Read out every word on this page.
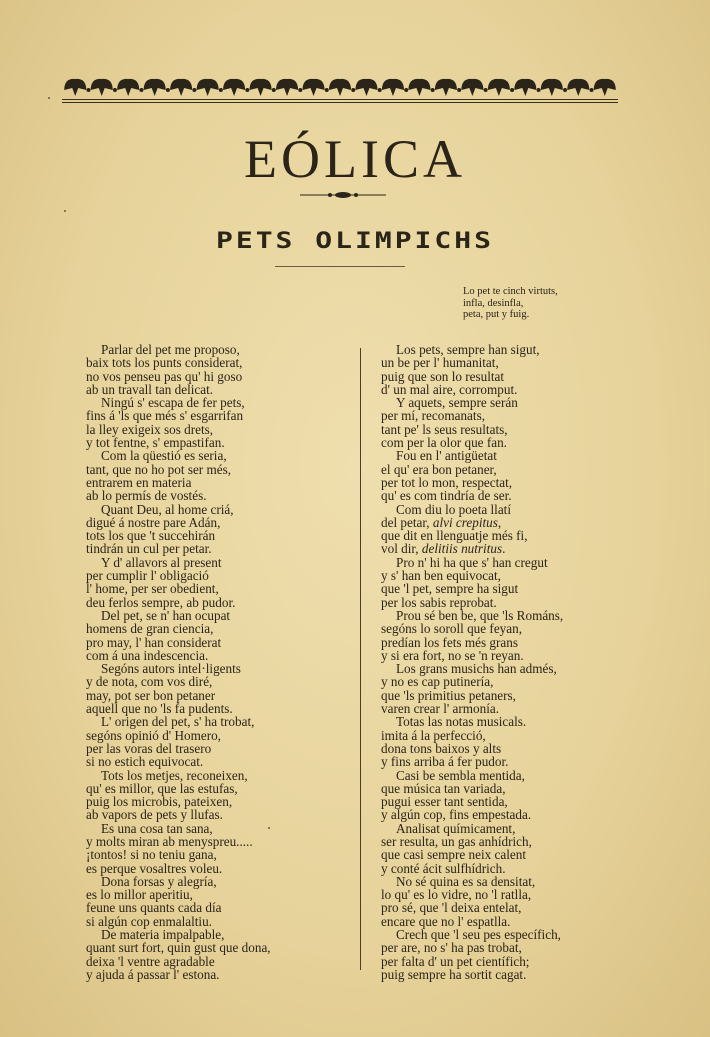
EÓLICA
PETS OLIMPICHS
Lo pet te cinch virtuts,
infla, desinfla,
peta, put y fuig.
Parlar del pet me proposo,
baix tots los punts considerat,
no vos penseu pas qu' hi goso
ab un travall tan delicat.
Ningú s' escapa de fer pets,
fins á 'ls que més s' esgarrifan
la lley exigeix sos drets,
y tot fentne, s' empastifan.
Com la qüestió es seria,
tant, que no ho pot ser més,
entrarem en materia
ab lo permís de vostés.
Quant Deu, al home criá,
digué á nostre pare Adán,
tots los que 't succehirán
tindrán un cul per petar.
Y d' allavors al present
per cumplir l' obligació
l' home, per ser obedient,
deu ferlos sempre, ab pudor.
Del pet, se n' han ocupat
homens de gran ciencia,
pro may, l' han considerat
com á una indescencia.
Segóns autors intel·ligents
y de nota, com vos diré,
may, pot ser bon petaner
aquell que no 'ls fa pudents.
L' origen del pet, s' ha trobat,
segóns opinió d' Homero,
per las voras del trasero
si no estich equivocat.
Tots los metjes, reconeixen,
qu' es millor, que las estufas,
puig los microbis, pateixen,
ab vapors de pets y llufas.
Es una cosa tan sana,
y molts miran ab menyspreu.....
¡tontos! si no teniu gana,
es perque vosaltres voleu.
Dona forsas y alegría,
es lo millor aperitiu,
feune uns quants cada día
si algún cop enmalaltiu.
De materia impalpable,
quant surt fort, quin gust que dona,
deixa 'l ventre agradable
y ajuda á passar l' estona.
Los pets, sempre han sigut,
un be per l' humanitat,
puig que son lo resultat
d' un mal aire, corromput.
Y aquets, sempre serán
per mí, recomanats,
tant pe' ls seus resultats,
com per la olor que fan.
Fou en l' antigüetat
el qu' era bon petaner,
per tot lo mon, respectat,
qu' es com tindría de ser.
Com diu lo poeta llatí
del petar, alvi crepitus,
que dit en llenguatje més fi,
vol dir, delitiis nutritus.
Pro n' hi ha que s' han cregut
y s' han ben equivocat,
que 'l pet, sempre ha sigut
per los sabis reprobat.
Prou sé ben be, que 'ls Románs,
segóns lo soroll que feyan,
predían los fets més grans
y si era fort, no se 'n reyan.
Los grans musichs han admés,
y no es cap putinería,
que 'ls primitius petaners,
varen crear l' armonía.
Totas las notas musicals.
imita á la perfecció,
dona tons baixos y alts
y fins arriba á fer pudor.
Casi be sembla mentida,
que música tan variada,
pugui esser tant sentida,
y algún cop, fins empestada.
Analisat químicament,
ser resulta, un gas anhídrich,
que casi sempre neix calent
y conté ácit sulfhídrich.
No sé quina es sa densitat,
lo qu' es lo vidre, no 'l ratlla,
pro sé, que 'l deixa entelat,
encare que no l' espatlla.
Crech que 'l seu pes específich,
per are, no s' ha pas trobat,
per falta d' un pet científich;
puig sempre ha sortit cagat.
